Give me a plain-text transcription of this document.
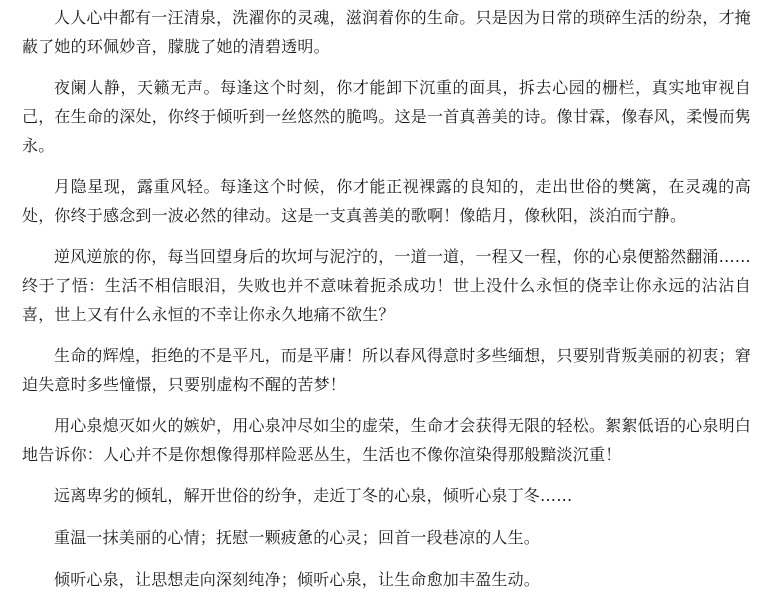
人人心中都有一汪清泉，洗濯你的灵魂，滋润着你的生命。只是因为日常的琐碎生活的纷杂，才掩蔽了她的环佩妙音，朦胧了她的清碧透明。

夜阑人静，天籁无声。每逢这个时刻，你才能卸下沉重的面具，拆去心园的栅栏，真实地审视自己，在生命的深处，你终于倾听到一丝悠然的脆鸣。这是一首真善美的诗。像甘霖，像春风，柔慢而隽永。

月隐星现，露重风轻。每逢这个时候，你才能正视裸露的良知的，走出世俗的樊篱，在灵魂的高处，你终于感念到一波必然的律动。这是一支真善美的歌啊！像皓月，像秋阳，淡泊而宁静。

逆风逆旅的你，每当回望身后的坎坷与泥泞的，一道一道，一程又一程，你的心泉便豁然翻涌……终于了悟：生活不相信眼泪，失败也并不意味着扼杀成功！世上没什么永恒的侥幸让你永远的沾沾自喜，世上又有什么永恒的不幸让你永久地痛不欲生？

生命的辉煌，拒绝的不是平凡，而是平庸！所以春风得意时多些缅想，只要别背叛美丽的初衷；窘迫失意时多些憧憬，只要别虚构不醒的苦梦！

用心泉熄灭如火的嫉妒，用心泉冲尽如尘的虚荣，生命才会获得无限的轻松。絮絮低语的心泉明白地告诉你：人心并不是你想像得那样险恶丛生，生活也不像你渲染得那般黯淡沉重！

远离卑劣的倾轧，解开世俗的纷争，走近丁冬的心泉，倾听心泉丁冬……

重温一抹美丽的心情；抚慰一颗疲惫的心灵；回首一段巷凉的人生。

倾听心泉，让思想走向深刻纯净；倾听心泉，让生命愈加丰盈生动。
